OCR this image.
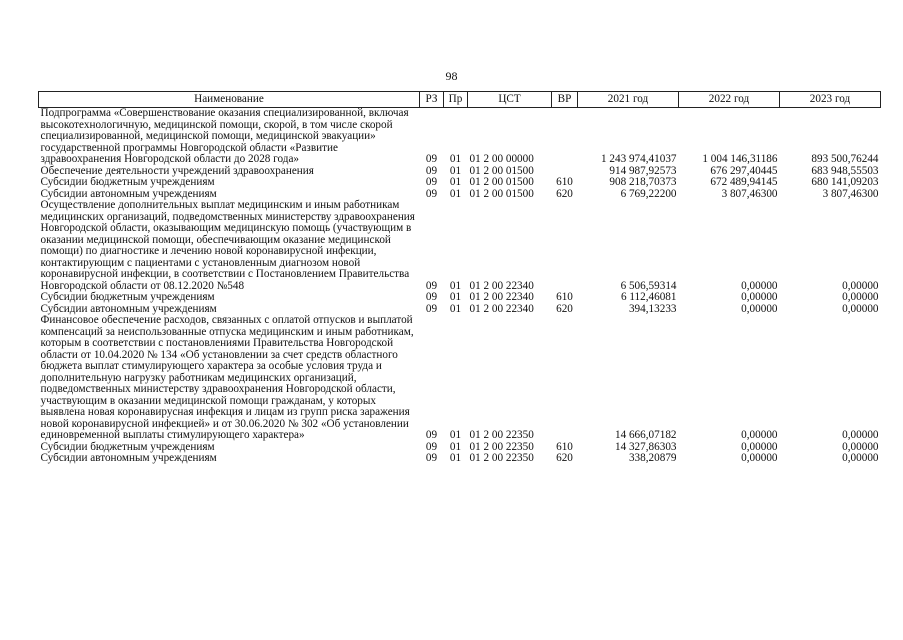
98
Наименование	РЗ	Пр	ЦСТ	ВР	2021 год	2022 год	2023 год
Подпрограмма «Совершенствование оказания специализированной, включая высокотехнологичную, медицинской помощи, скорой, в том числе скорой специализированной, медицинской помощи, медицинской эвакуации» государственной программы Новгородской области «Развитие здравоохранения Новгородской области до 2028 года»	09	01	01 2 00 00000		1 243 974,41037	1 004 146,31186	893 500,76244
Обеспечение деятельности учреждений здравоохранения	09	01	01 2 00 01500		914 987,92573	676 297,40445	683 948,55503
Субсидии бюджетным учреждениям	09	01	01 2 00 01500	610	908 218,70373	672 489,94145	680 141,09203
Субсидии автономным учреждениям	09	01	01 2 00 01500	620	6 769,22200	3 807,46300	3 807,46300
Осуществление дополнительных выплат медицинским и иным работникам медицинских организаций, подведомственных министерству здравоохранения Новгородской области, оказывающим медицинскую помощь (участвующим в оказании медицинской помощи, обеспечивающим оказание медицинской помощи) по диагностике и лечению новой коронавирусной инфекции, контактирующим с пациентами с установленным диагнозом новой коронавирусной инфекции, в соответствии с Постановлением Правительства Новгородской области от 08.12.2020 №548	09	01	01 2 00 22340		6 506,59314	0,00000	0,00000
Субсидии бюджетным учреждениям	09	01	01 2 00 22340	610	6 112,46081	0,00000	0,00000
Субсидии автономным учреждениям	09	01	01 2 00 22340	620	394,13233	0,00000	0,00000
Финансовое обеспечение расходов, связанных с оплатой отпусков и выплатой компенсаций за неиспользованные отпуска медицинским и иным работникам, которым в соответствии с постановлениями Правительства Новгородской области от 10.04.2020 № 134 «Об установлении за счет средств областного бюджета выплат стимулирующего характера за особые условия труда и дополнительную нагрузку работникам медицинских организаций, подведомственных министерству здравоохранения Новгородской области, участвующим в оказании медицинской помощи гражданам, у которых выявлена новая коронавирусная инфекция и лицам из групп риска заражения новой коронавирусной инфекцией» и от 30.06.2020 № 302 «Об установлении единовременной выплаты стимулирующего характера»	09	01	01 2 00 22350		14 666,07182	0,00000	0,00000
Субсидии бюджетным учреждениям	09	01	01 2 00 22350	610	14 327,86303	0,00000	0,00000
Субсидии автономным учреждениям	09	01	01 2 00 22350	620	338,20879	0,00000	0,00000
